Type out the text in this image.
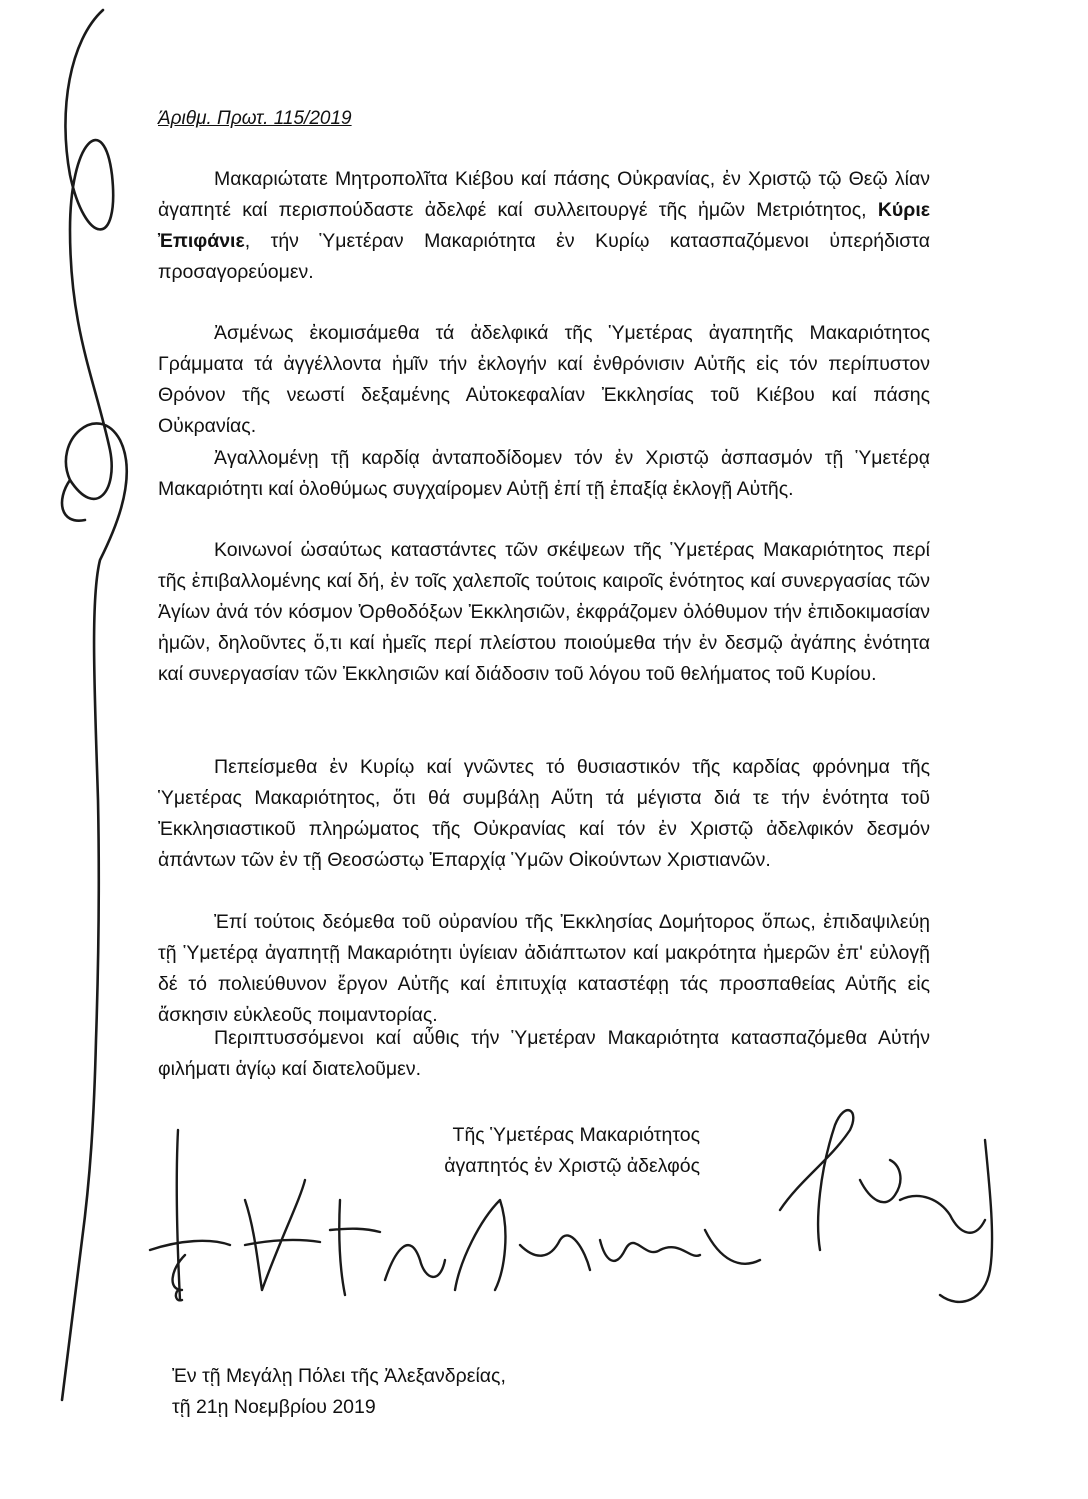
Άριθμ. Πρωτ. 115/2019
Μακαριώτατε Μητροπολῖτα Κιέβου καί πάσης Οὐκρανίας, ἐν Χριστῷ τῷ Θεῷ λίαν ἀγαπητέ καί περισπούδαστε ἀδελφέ καί συλλειτουργέ τῆς ἡμῶν Μετριότητος, Κύριε Ἐπιφάνιε, τήν Ὑμετέραν Μακαριότητα ἐν Κυρίῳ κατασπαζόμενοι ὑπερήδιστα προσαγορεύομεν.
Ἀσμένως ἐκομισάμεθα τά ἀδελφικά τῆς Ὑμετέρας ἀγαπητῆς Μακαριότητος Γράμματα τά ἀγγέλλοντα ἡμῖν τήν ἐκλογήν καί ἐνθρόνισιν Αὐτῆς εἰς τόν περίπυστον Θρόνον τῆς νεωστί δεξαμένης Αὐτοκεφαλίαν Ἐκκλησίας τοῦ Κιέβου καί πάσης Οὐκρανίας.
Ἀγαλλομένῃ τῇ καρδίᾳ ἀνταποδίδομεν τόν ἐν Χριστῷ ἀσπασμόν τῇ Ὑμετέρᾳ Μακαριότητι καί ὁλοθύμως συγχαίρομεν Αὐτῇ ἐπί τῇ ἐπαξίᾳ ἐκλογῇ Αὐτῆς.
Κοινωνοί ὡσαύτως καταστάντες τῶν σκέψεων τῆς Ὑμετέρας Μακαριότητος περί τῆς ἐπιβαλλομένης καί δή, ἐν τοῖς χαλεποῖς τούτοις καιροῖς ἑνότητος καί συνεργασίας τῶν Ἁγίων ἀνά τόν κόσμον Ὀρθοδόξων Ἐκκλησιῶν, ἐκφράζομεν ὁλόθυμον τήν ἐπιδοκιμασίαν ἡμῶν, δηλοῦντες ὅ,τι καί ἡμεῖς περί πλείστου ποιούμεθα τήν ἐν δεσμῷ ἀγάπης ἑνότητα καί συνεργασίαν τῶν Ἐκκλησιῶν καί διάδοσιν τοῦ λόγου τοῦ θελήματος τοῦ Κυρίου.
Πεπείσμεθα ἐν Κυρίῳ καί γνῶντες τό θυσιαστικόν τῆς καρδίας φρόνημα τῆς Ὑμετέρας Μακαριότητος, ὅτι θά συμβάλῃ Αὕτη τά μέγιστα διά τε τήν ἑνότητα τοῦ Ἐκκλησιαστικοῦ πληρώματος τῆς Οὐκρανίας καί τόν ἐν Χριστῷ ἀδελφικόν δεσμόν ἁπάντων τῶν ἐν τῇ Θεοσώστῳ Ἐπαρχίᾳ Ὑμῶν Οἰκούντων Χριστιανῶν.
Ἐπί τούτοις δεόμεθα τοῦ οὐρανίου τῆς Ἐκκλησίας Δομήτορος ὅπως, ἐπιδαψιλεύῃ τῇ Ὑμετέρᾳ ἀγαπητῇ Μακαριότητι ὑγίειαν ἀδιάπτωτον καί μακρότητα ἡμερῶν ἐπ' εὐλογῇ δέ τό πολιεύθυνον ἔργον Αὐτῆς καί ἐπιτυχίᾳ καταστέφῃ τάς προσπαθείας Αὐτῆς εἰς ἄσκησιν εὐκλεοῦς ποιμαντορίας.
Περιπτυσσόμενοι καί αὖθις τήν Ὑμετέραν Μακαριότητα κατασπαζόμεθα Αὐτήν φιλήματι ἁγίῳ καί διατελοῦμεν.
Τῆς Ὑμετέρας Μακαριότητος
ἀγαπητός ἐν Χριστῷ ἀδελφός
Ἐν τῇ Μεγάλῃ Πόλει τῆς Ἀλεξανδρείας,
τῇ 21ῃ Νοεμβρίου 2019
